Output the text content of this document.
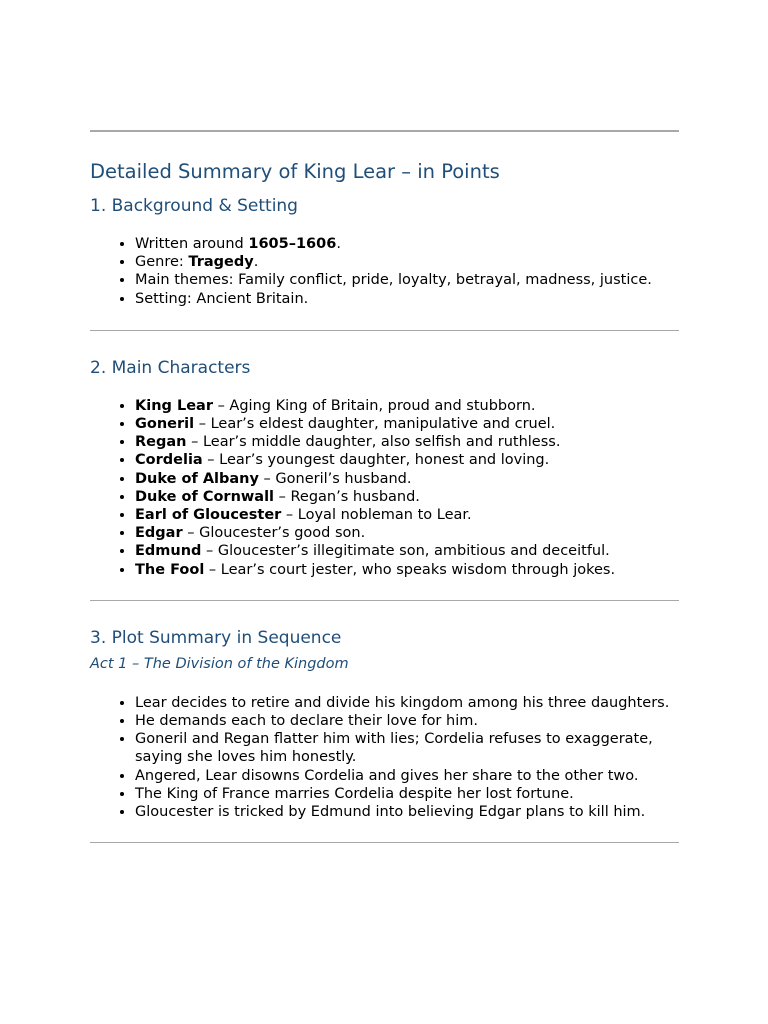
Detailed Summary of King Lear – in Points
1. Background & Setting
• Written around 1605–1606.
• Genre: Tragedy.
• Main themes: Family conflict, pride, loyalty, betrayal, madness, justice.
• Setting: Ancient Britain.
2. Main Characters
• King Lear – Aging King of Britain, proud and stubborn.
• Goneril – Lear’s eldest daughter, manipulative and cruel.
• Regan – Lear’s middle daughter, also selfish and ruthless.
• Cordelia – Lear’s youngest daughter, honest and loving.
• Duke of Albany – Goneril’s husband.
• Duke of Cornwall – Regan’s husband.
• Earl of Gloucester – Loyal nobleman to Lear.
• Edgar – Gloucester’s good son.
• Edmund – Gloucester’s illegitimate son, ambitious and deceitful.
• The Fool – Lear’s court jester, who speaks wisdom through jokes.
3. Plot Summary in Sequence
Act 1 – The Division of the Kingdom
• Lear decides to retire and divide his kingdom among his three daughters.
• He demands each to declare their love for him.
• Goneril and Regan flatter him with lies; Cordelia refuses to exaggerate, saying she loves him honestly.
• Angered, Lear disowns Cordelia and gives her share to the other two.
• The King of France marries Cordelia despite her lost fortune.
• Gloucester is tricked by Edmund into believing Edgar plans to kill him.
